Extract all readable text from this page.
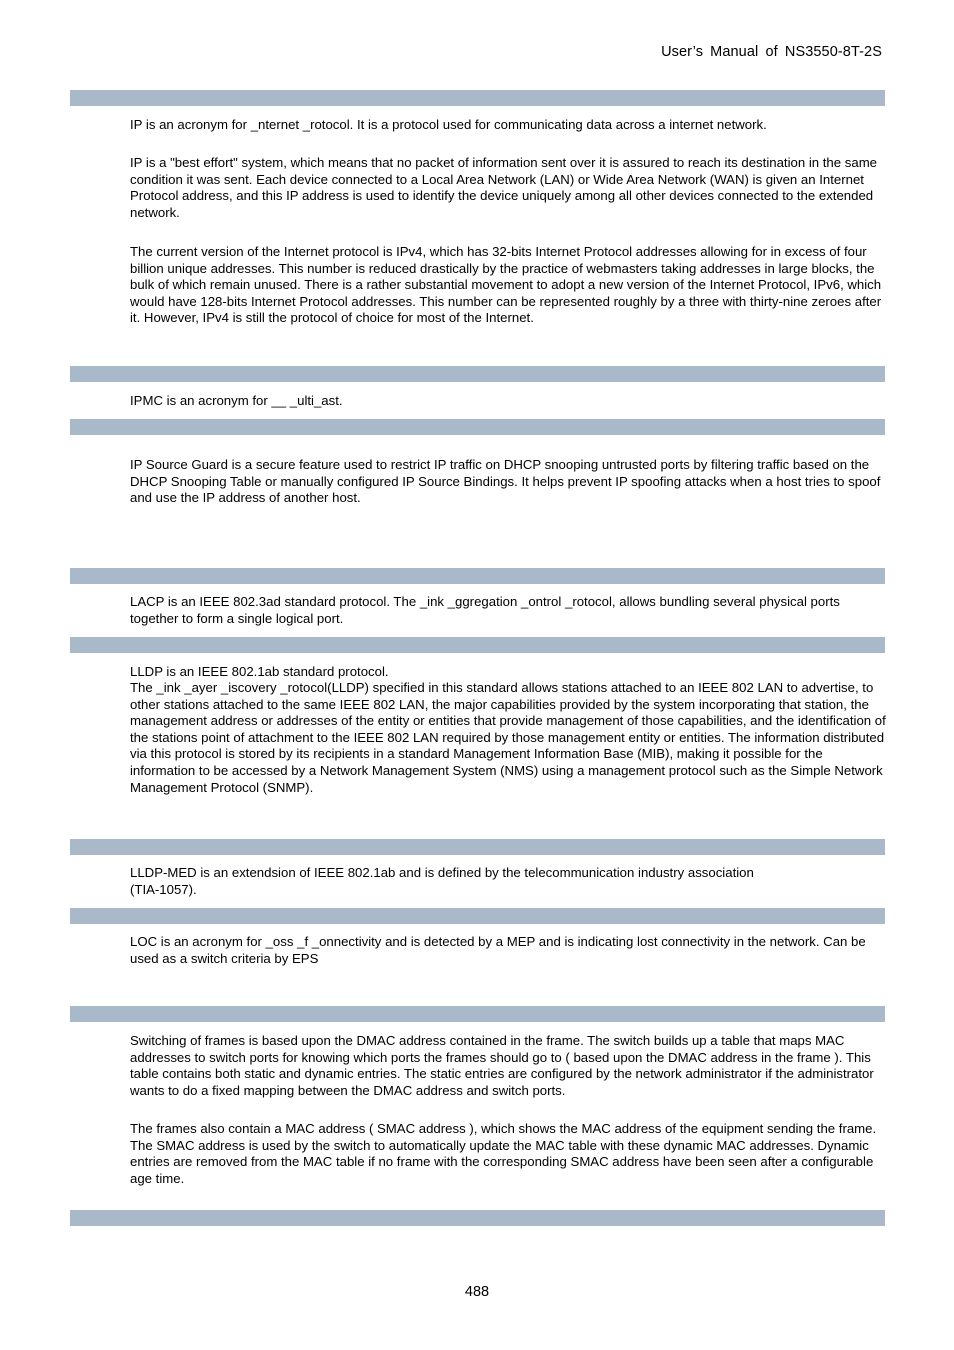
User’s Manual of NS3550-8T-2S

IP is an acronym for _nternet _rotocol. It is a protocol used for communicating data across a internet network.

IP is a "best effort" system, which means that no packet of information sent over it is assured to reach its destination in the same condition it was sent. Each device connected to a Local Area Network (LAN) or Wide Area Network (WAN) is given an Internet Protocol address, and this IP address is used to identify the device uniquely among all other devices connected to the extended network.

The current version of the Internet protocol is IPv4, which has 32-bits Internet Protocol addresses allowing for in excess of four billion unique addresses. This number is reduced drastically by the practice of webmasters taking addresses in large blocks, the bulk of which remain unused. There is a rather substantial movement to adopt a new version of the Internet Protocol, IPv6, which would have 128-bits Internet Protocol addresses. This number can be represented roughly by a three with thirty-nine zeroes after it. However, IPv4 is still the protocol of choice for most of the Internet.

IPMC is an acronym for __ _ulti_ast.

IP Source Guard is a secure feature used to restrict IP traffic on DHCP snooping untrusted ports by filtering traffic based on the DHCP Snooping Table or manually configured IP Source Bindings. It helps prevent IP spoofing attacks when a host tries to spoof and use the IP address of another host.

LACP is an IEEE 802.3ad standard protocol. The _ink _ggregation _ontrol _rotocol, allows bundling several physical ports together to form a single logical port.

LLDP is an IEEE 802.1ab standard protocol.

The _ink _ayer _iscovery _rotocol(LLDP) specified in this standard allows stations attached to an IEEE 802 LAN to advertise, to other stations attached to the same IEEE 802 LAN, the major capabilities provided by the system incorporating that station, the management address or addresses of the entity or entities that provide management of those capabilities, and the identification of the stations point of attachment to the IEEE 802 LAN required by those management entity or entities. The information distributed via this protocol is stored by its recipients in a standard Management Information Base (MIB), making it possible for the information to be accessed by a Network Management System (NMS) using a management protocol such as the Simple Network Management Protocol (SNMP).

LLDP-MED is an extendsion of IEEE 802.1ab and is defined by the telecommunication industry association

(TIA-1057).

LOC is an acronym for _oss _f _onnectivity and is detected by a MEP and is indicating lost connectivity in the network. Can be used as a switch criteria by EPS

Switching of frames is based upon the DMAC address contained in the frame. The switch builds up a table that maps MAC addresses to switch ports for knowing which ports the frames should go to ( based upon the DMAC address in the frame ). This table contains both static and dynamic entries. The static entries are configured by the network administrator if the administrator wants to do a fixed mapping between the DMAC address and switch ports.

The frames also contain a MAC address ( SMAC address ), which shows the MAC address of the equipment sending the frame. The SMAC address is used by the switch to automatically update the MAC table with these dynamic MAC addresses. Dynamic entries are removed from the MAC table if no frame with the corresponding SMAC address have been seen after a configurable age time.

488
